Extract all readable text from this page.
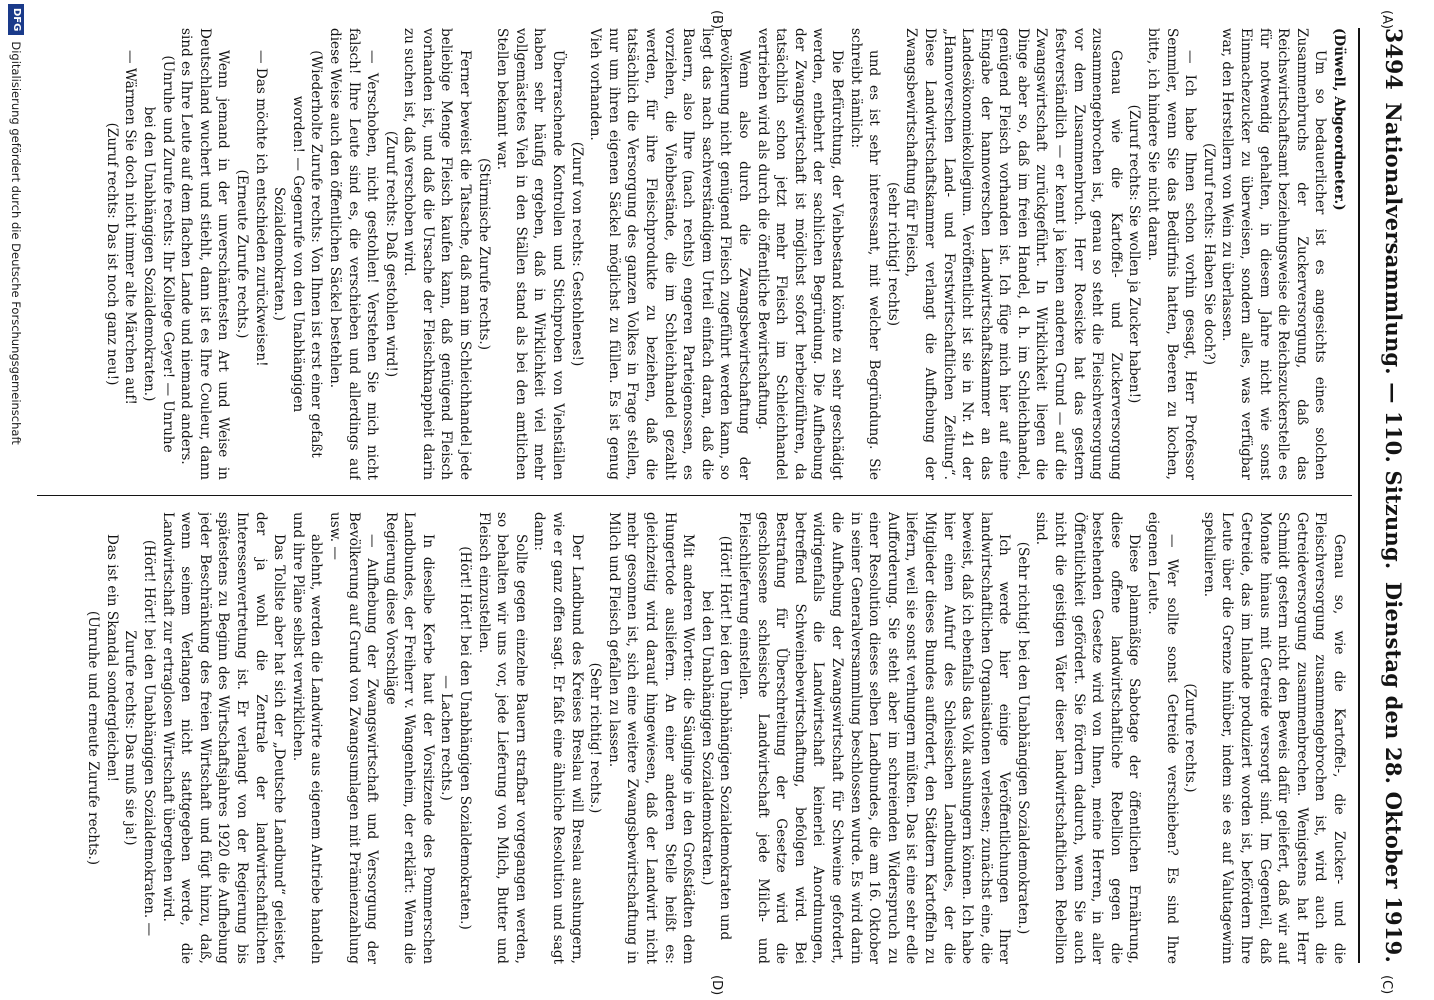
3494
Nationalversammlung. — 110. Sitzung.
Dienstag den 28. Oktober 1919.
(A)
(B)
(C)
(D)

(Düwell, Abgeordneter.)

Um so bedauerlicher ist es angesichts eines solchen Zusammenbruchs der Zuckerversorgung, daß das Reichswirtschaftsamt beziehungsweise die Reichszuckerstelle es für notwendig gehalten, in diesem Jahre nicht wie sonst Einmachezucker zu überweisen, sondern alles, was verfügbar war, den Herstellern von Wein zu überlassen.

(Zuruf rechts: Haben Sie doch?)

— Ich habe Ihnen schon vorhin gesagt, Herr Professor Semmler, wenn Sie das Bedürfnis hatten, Beeren zu kochen, bitte, ich hindere Sie nicht daran.

(Zuruf rechts: Sie wollen ja Zucker haben!)

Genau wie die Kartoffel- und Zuckerversorgung zusammengebrochen ist, genau so steht die Fleischversorgung vor dem Zusammenbruch. Herr Roesicke hat das gestern festverständlich — er kennt ja keinen anderen Grund — auf die Zwangswirtschaft zurückgeführt. In Wirklichkeit liegen die Dinge aber so, daß im freien Handel, d. h. im Schleichhandel, genügend Fleisch vorhanden ist. Ich füge mich hier auf eine Eingabe der hannoverschen Landwirtschaftskammer an das Landesökonomiekollegium. Veröffentlicht ist sie in Nr. 41 der „Hannoverschen Land- und Forstwirtschaftlichen Zeitung“. Diese Landwirtschaftskammer verlangt die Aufhebung der Zwangsbewirtschaftung für Fleisch,

(sehr richtig! rechts)

und es ist sehr interessant, mit welcher Begründung. Sie schreibt nämlich:

Die Befürchtung, der Viehbestand könnte zu sehr geschädigt werden, entbehrt der sachlichen Begründung. Die Aufhebung der Zwangswirtschaft ist möglichst sofort herbeizuführen, da tatsächlich schon jetzt mehr Fleisch im Schleichhandel vertrieben wird als durch die öffentliche Bewirtschaftung.

Wenn also durch die Zwangsbewirtschaftung der Bevölkerung nicht genügend Fleisch zugeführt werden kann, so liegt das nach sachverständigem Urteil einfach daran, daß die Bauern, also Ihre (nach rechts) engeren Parteigenossen, es vorziehen, die Viehbestände, die im Schleichhandel gezahlt werden, für ihre Fleischprodukte zu beziehen, daß die tatsächlich die Versorgung des ganzen Volkes in Frage stellen, nur um ihren eigenen Säckel möglichst zu füllen. Es ist genug Vieh vorhanden.

(Zuruf von rechts: Gestohlenes!)

Überraschende Kontrollen und Stichproben von Viehställen haben sehr häufig ergeben, daß in Wirklichkeit viel mehr vollgemästetes Vieh in den Ställen stand als bei den amtlichen Stellen bekannt war.

(Stürmische Zurufe rechts.)

Ferner beweist die Tatsache, daß man im Schleichhandel jede beliebige Menge Fleisch kaufen kann, daß genügend Fleisch vorhanden ist, und daß die Ursache der Fleischknappheit darin zu suchen ist, daß verschoben wird.

(Zuruf rechts: Daß gestohlen wird!)

— Verschoben, nicht gestohlen! Verstehen Sie mich nicht falsch! Ihre Leute sind es, die verschieben und allerdings auf diese Weise auch den öffentlichen Säckel bestehlen.

(Wiederholte Zurufe rechts: Von Ihnen ist erst einer gefaßt worden! — Gegenrufe von den Unabhängigen Sozialdemokraten.)

— Das möchte ich entschieden zurückweisen!

(Erneute Zurufe rechts.)

Wenn jemand in der unverschämtesten Art und Weise in Deutschland wuchert und stiehlt, dann ist es Ihre Couleur, dann sind es Ihre Leute auf dem flachen Lande und niemand anders.

(Unruhe und Zurufe rechts: Ihr Kollege Geyer! — Unruhe bei den Unabhängigen Sozialdemokraten.)

— Wärmen Sie doch nicht immer alte Märchen auf!

(Zuruf rechts: Das ist noch ganz neu!)

Genau so, wie die Kartoffel-, die Zucker- und die Fleischversorgung zusammengebrochen ist, wird auch die Getreideversorgung zusammenbrechen. Wenigstens hat Herr Schmidt gestern nicht den Beweis dafür geliefert, daß wir auf Monate hinaus mit Getreide versorgt sind. Im Gegenteil, daß Getreide, das im Inlande produziert worden ist, befördern Ihre Leute über die Grenze hinüber, indem sie es auf Valutagewinn spekulieren.

(Zurufe rechts.)

— Wer sollte sonst Getreide verschieben? Es sind Ihre eigenen Leute.

Diese planmäßige Sabotage der öffentlichen Ernährung, diese offene landwirtschaftliche Rebellion gegen die bestehenden Gesetze wird von Ihnen, meine Herren, in aller Öffentlichkeit gefördert. Sie fördern dadurch, wenn Sie auch nicht die geistigen Väter dieser landwirtschaftlichen Rebellion sind.

(Sehr richtig! bei den Unabhängigen Sozialdemokraten.)

Ich werde hier einige Veröffentlichungen Ihrer landwirtschaftlichen Organisationen verlesen; zunächst eine, die beweist, daß ich ebenfalls das Volk aushungern können. Ich habe hier einen Aufruf des Schlesischen Landbundes, der die Mitglieder dieses Bundes auffordert, den Städtern Kartoffeln zu liefern, weil sie sonst verhungern müßten. Das ist eine sehr edle Aufforderung. Sie steht aber im schreienden Widerspruch zu einer Resolution dieses selben Landbundes, die am 16. Oktober in seiner Generalversammlung beschlossen wurde. Es wird darin die Aufhebung der Zwangswirtschaft für Schweine gefordert, widrigenfalls die Landwirtschaft keinerlei Anordnungen, betreffend Schweinebewirtschaftung, befolgen wird. Bei Bestrafung für Überschreitung der Gesetze wird die geschlossene schlesische Landwirtschaft jede Milch- und Fleischlieferung einstellen.

(Hört! Hört! bei den Unabhängigen Sozialdemokraten und bei den Unabhängigen Sozialdemokraten.)

Mit anderen Worten: die Säuglinge in den Großstädten dem Hungertode ausliefern. An einer anderen Stelle heißt es: gleichzeitig wird darauf hingewiesen, daß der Landwirt nicht mehr gesonnen ist, sich eine weitere Zwangsbewirtschaftung in Milch und Fleisch gefallen zu lassen.

(Sehr richtig! rechts.)

Der Landbund des Kreises Breslau will Breslau aushungern, wie er ganz offen sagt. Er faßt eine ähnliche Resolution und sagt dann:

Sollte gegen einzelne Bauern strafbar vorgegangen werden, so behalten wir uns vor, jede Lieferung von Milch, Butter und Fleisch einzustellen.

(Hört! Hört! bei den Unabhängigen Sozialdemokraten.)

— Lachen rechts.)

In dieselbe Kerbe haut der Vorsitzende des Pommerschen Landbundes, der Freiherr v. Wangenheim, der erklärt: Wenn die Regierung diese Vorschläge

— Aufhebung der Zwangswirtschaft und Versorgung der Bevölkerung auf Grund von Zwangsumlagen mit Prämienzahlung usw. —

ablehnt, werden die Landwirte aus eigenem Antriebe handeln und ihre Pläne selbst verwirklichen.

Das Tollste aber hat sich der „Deutsche Landbund“ geleistet, der ja wohl die Zentrale der landwirtschaftlichen Interessenvertretung ist. Er verlangt von der Regierung bis spätestens zu Beginn des Wirtschaftsjahres 1920 die Aufhebung jeder Beschränkung des freien Wirtschaft und fügt hinzu, daß, wenn seinem Verlangen nicht stattgegeben werde, die Landwirtschaft zur ertraglosen Wirtschaft übergehen wird.

(Hört! Hört! bei den Unabhängigen Sozialdemokraten. — Zurufe rechts: Das muß sie ja!)

Das ist ein Skandal sondergleichen!

(Unruhe und erneute Zurufe rechts.)

DFG
Digitalisierung gefördert durch die Deutsche Forschungsgemeinschaft
